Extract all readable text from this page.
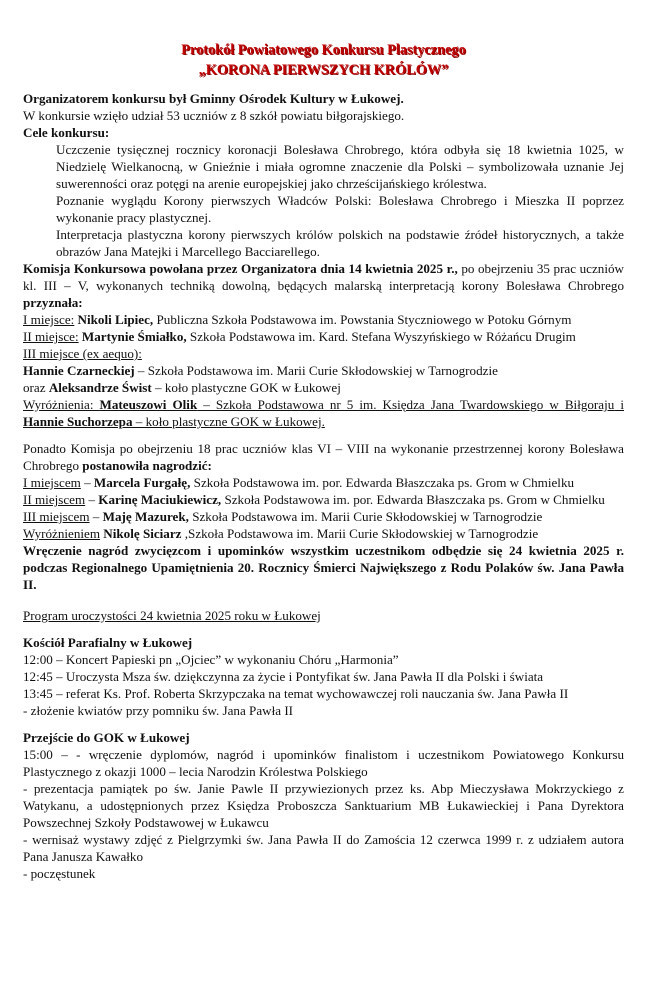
Protokół Powiatowego Konkursu Plastycznego
„KORONA PIERWSZYCH KRÓLÓW”

Organizatorem konkursu był Gminny Ośrodek Kultury w Łukowej.

W konkursie wzięło udział 53 uczniów z 8 szkół powiatu biłgorajskiego.

Cele konkursu:

Uczczenie tysięcznej rocznicy koronacji Bolesława Chrobrego, która odbyła się 18 kwietnia 1025, w Niedzielę Wielkanocną, w Gnieźnie i miała ogromne znaczenie dla Polski – symbolizowała uznanie Jej suwerenności oraz potęgi na arenie europejskiej jako chrześcijańskiego królestwa.

Poznanie wyglądu Korony pierwszych Władców Polski: Bolesława Chrobrego i Mieszka II poprzez wykonanie pracy plastycznej.

Interpretacja plastyczna korony pierwszych królów polskich na podstawie źródeł historycznych, a także obrazów Jana Matejki i Marcellego Bacciarellego.

Komisja Konkursowa powołana przez Organizatora dnia 14 kwietnia 2025 r., po obejrzeniu 35 prac uczniów kl. III – V, wykonanych techniką dowolną, będących malarską interpretacją korony Bolesława Chrobrego przyznała:

I miejsce: Nikoli Lipiec, Publiczna Szkoła Podstawowa im. Powstania Styczniowego w Potoku Górnym

II miejsce: Martynie Śmiałko, Szkoła Podstawowa im. Kard. Stefana Wyszyńskiego w Różańcu Drugim

III miejsce (ex aequo):

Hannie Czarneckiej – Szkoła Podstawowa im. Marii Curie Skłodowskiej w Tarnogrodzie

oraz Aleksandrze Świst – koło plastyczne GOK w Łukowej

Wyróżnienia: Mateuszowi Olik – Szkoła Podstawowa nr 5 im. Księdza Jana Twardowskiego w Biłgoraju i Hannie Suchorzepa – koło plastyczne GOK w Łukowej.

Ponadto Komisja po obejrzeniu 18 prac uczniów klas VI – VIII na wykonanie przestrzennej korony Bolesława Chrobrego postanowiła nagrodzić:

I miejscem – Marcela Furgałę, Szkoła Podstawowa im. por. Edwarda Błaszczaka ps. Grom w Chmielku

II miejscem – Karinę Maciukiewicz, Szkoła Podstawowa im. por. Edwarda Błaszczaka ps. Grom w Chmielku

III miejscem – Maję Mazurek, Szkoła Podstawowa im. Marii Curie Skłodowskiej w Tarnogrodzie

Wyróżnieniem Nikolę Siciarz ,Szkoła Podstawowa im. Marii Curie Skłodowskiej w Tarnogrodzie

Wręczenie nagród zwycięzcom i upominków wszystkim uczestnikom odbędzie się 24 kwietnia 2025 r. podczas Regionalnego Upamiętnienia 20. Rocznicy Śmierci Największego z Rodu Polaków św. Jana Pawła II.

Program uroczystości 24 kwietnia 2025 roku w Łukowej

Kościół Parafialny w Łukowej

12:00 – Koncert Papieski pn „Ojciec” w wykonaniu Chóru „Harmonia”

12:45 – Uroczysta Msza św. dziękczynna za życie i Pontyfikat św. Jana Pawła II dla Polski i świata

13:45 – referat Ks. Prof. Roberta Skrzypczaka na temat wychowawczej roli nauczania św. Jana Pawła II

- złożenie kwiatów przy pomniku św. Jana Pawła II

Przejście do GOK w Łukowej

15:00 – - wręczenie dyplomów, nagród i upominków finalistom i uczestnikom Powiatowego Konkursu Plastycznego z okazji 1000 – lecia Narodzin Królestwa Polskiego

- prezentacja pamiątek po św. Janie Pawle II przywiezionych przez ks. Abp Mieczysława Mokrzyckiego z Watykanu, a udostępnionych przez Księdza Proboszcza Sanktuarium MB Łukawieckiej i Pana Dyrektora Powszechnej Szkoły Podstawowej w Łukawcu

- wernisaż wystawy zdjęć z Pielgrzymki św. Jana Pawła II do Zamościa 12 czerwca 1999 r. z udziałem autora Pana Janusza Kawałko

- poczęstunek
